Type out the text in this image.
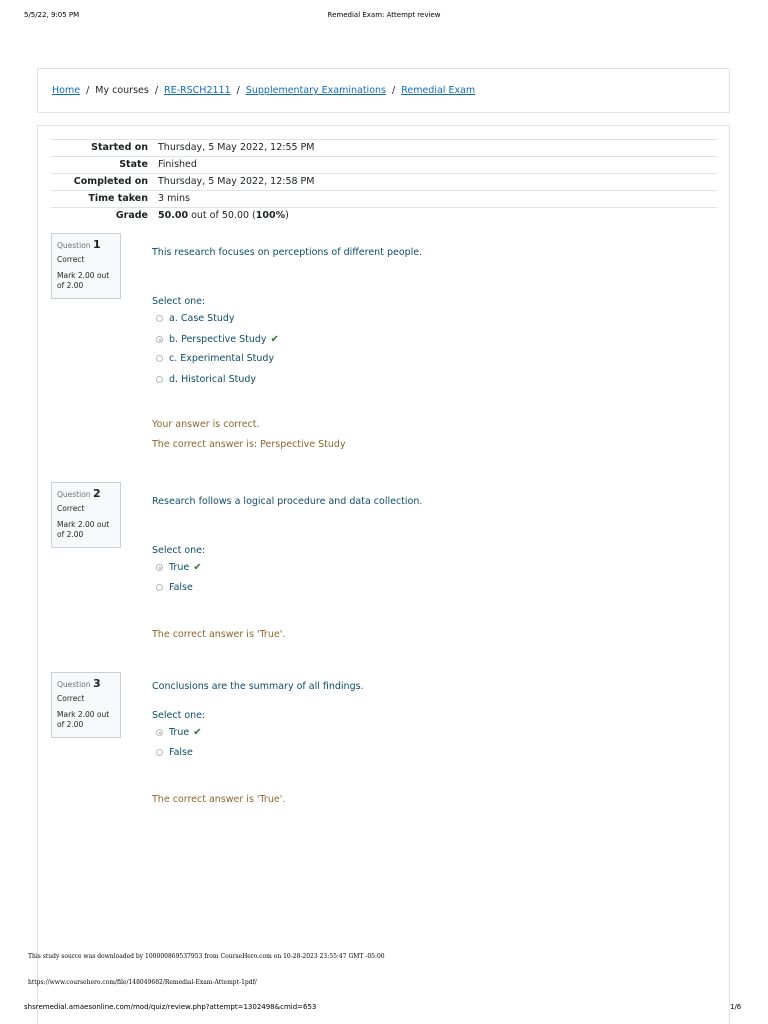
5/5/22, 9:05 PM	Remedial Exam: Attempt review
Home / My courses / RE-RSCH2111 / Supplementary Examinations / Remedial Exam
Started on	Thursday, 5 May 2022, 12:55 PM
State	Finished
Completed on	Thursday, 5 May 2022, 12:58 PM
Time taken	3 mins
Grade	50.00 out of 50.00 (100%)
Question 1
Correct
Mark 2.00 out of 2.00
This research focuses on perceptions of different people.
Select one:
a. Case Study
b. Perspective Study ✔
c. Experimental Study
d. Historical Study
Your answer is correct.
The correct answer is: Perspective Study
Question 2
Correct
Mark 2.00 out of 2.00
Research follows a logical procedure and data collection.
Select one:
True ✔
False
The correct answer is 'True'.
Question 3
Correct
Mark 2.00 out of 2.00
Conclusions are the summary of all findings.
Select one:
True ✔
False
The correct answer is 'True'.
This study source was downloaded by 100000869537953 from CourseHero.com on 10-28-2023 23:55:47 GMT -05:00
https://www.coursehero.com/file/148049682/Remedial-Exam-Attempt-1pdf/
shsremedial.amaesonline.com/mod/quiz/review.php?attempt=1302498&cmid=653	1/6
